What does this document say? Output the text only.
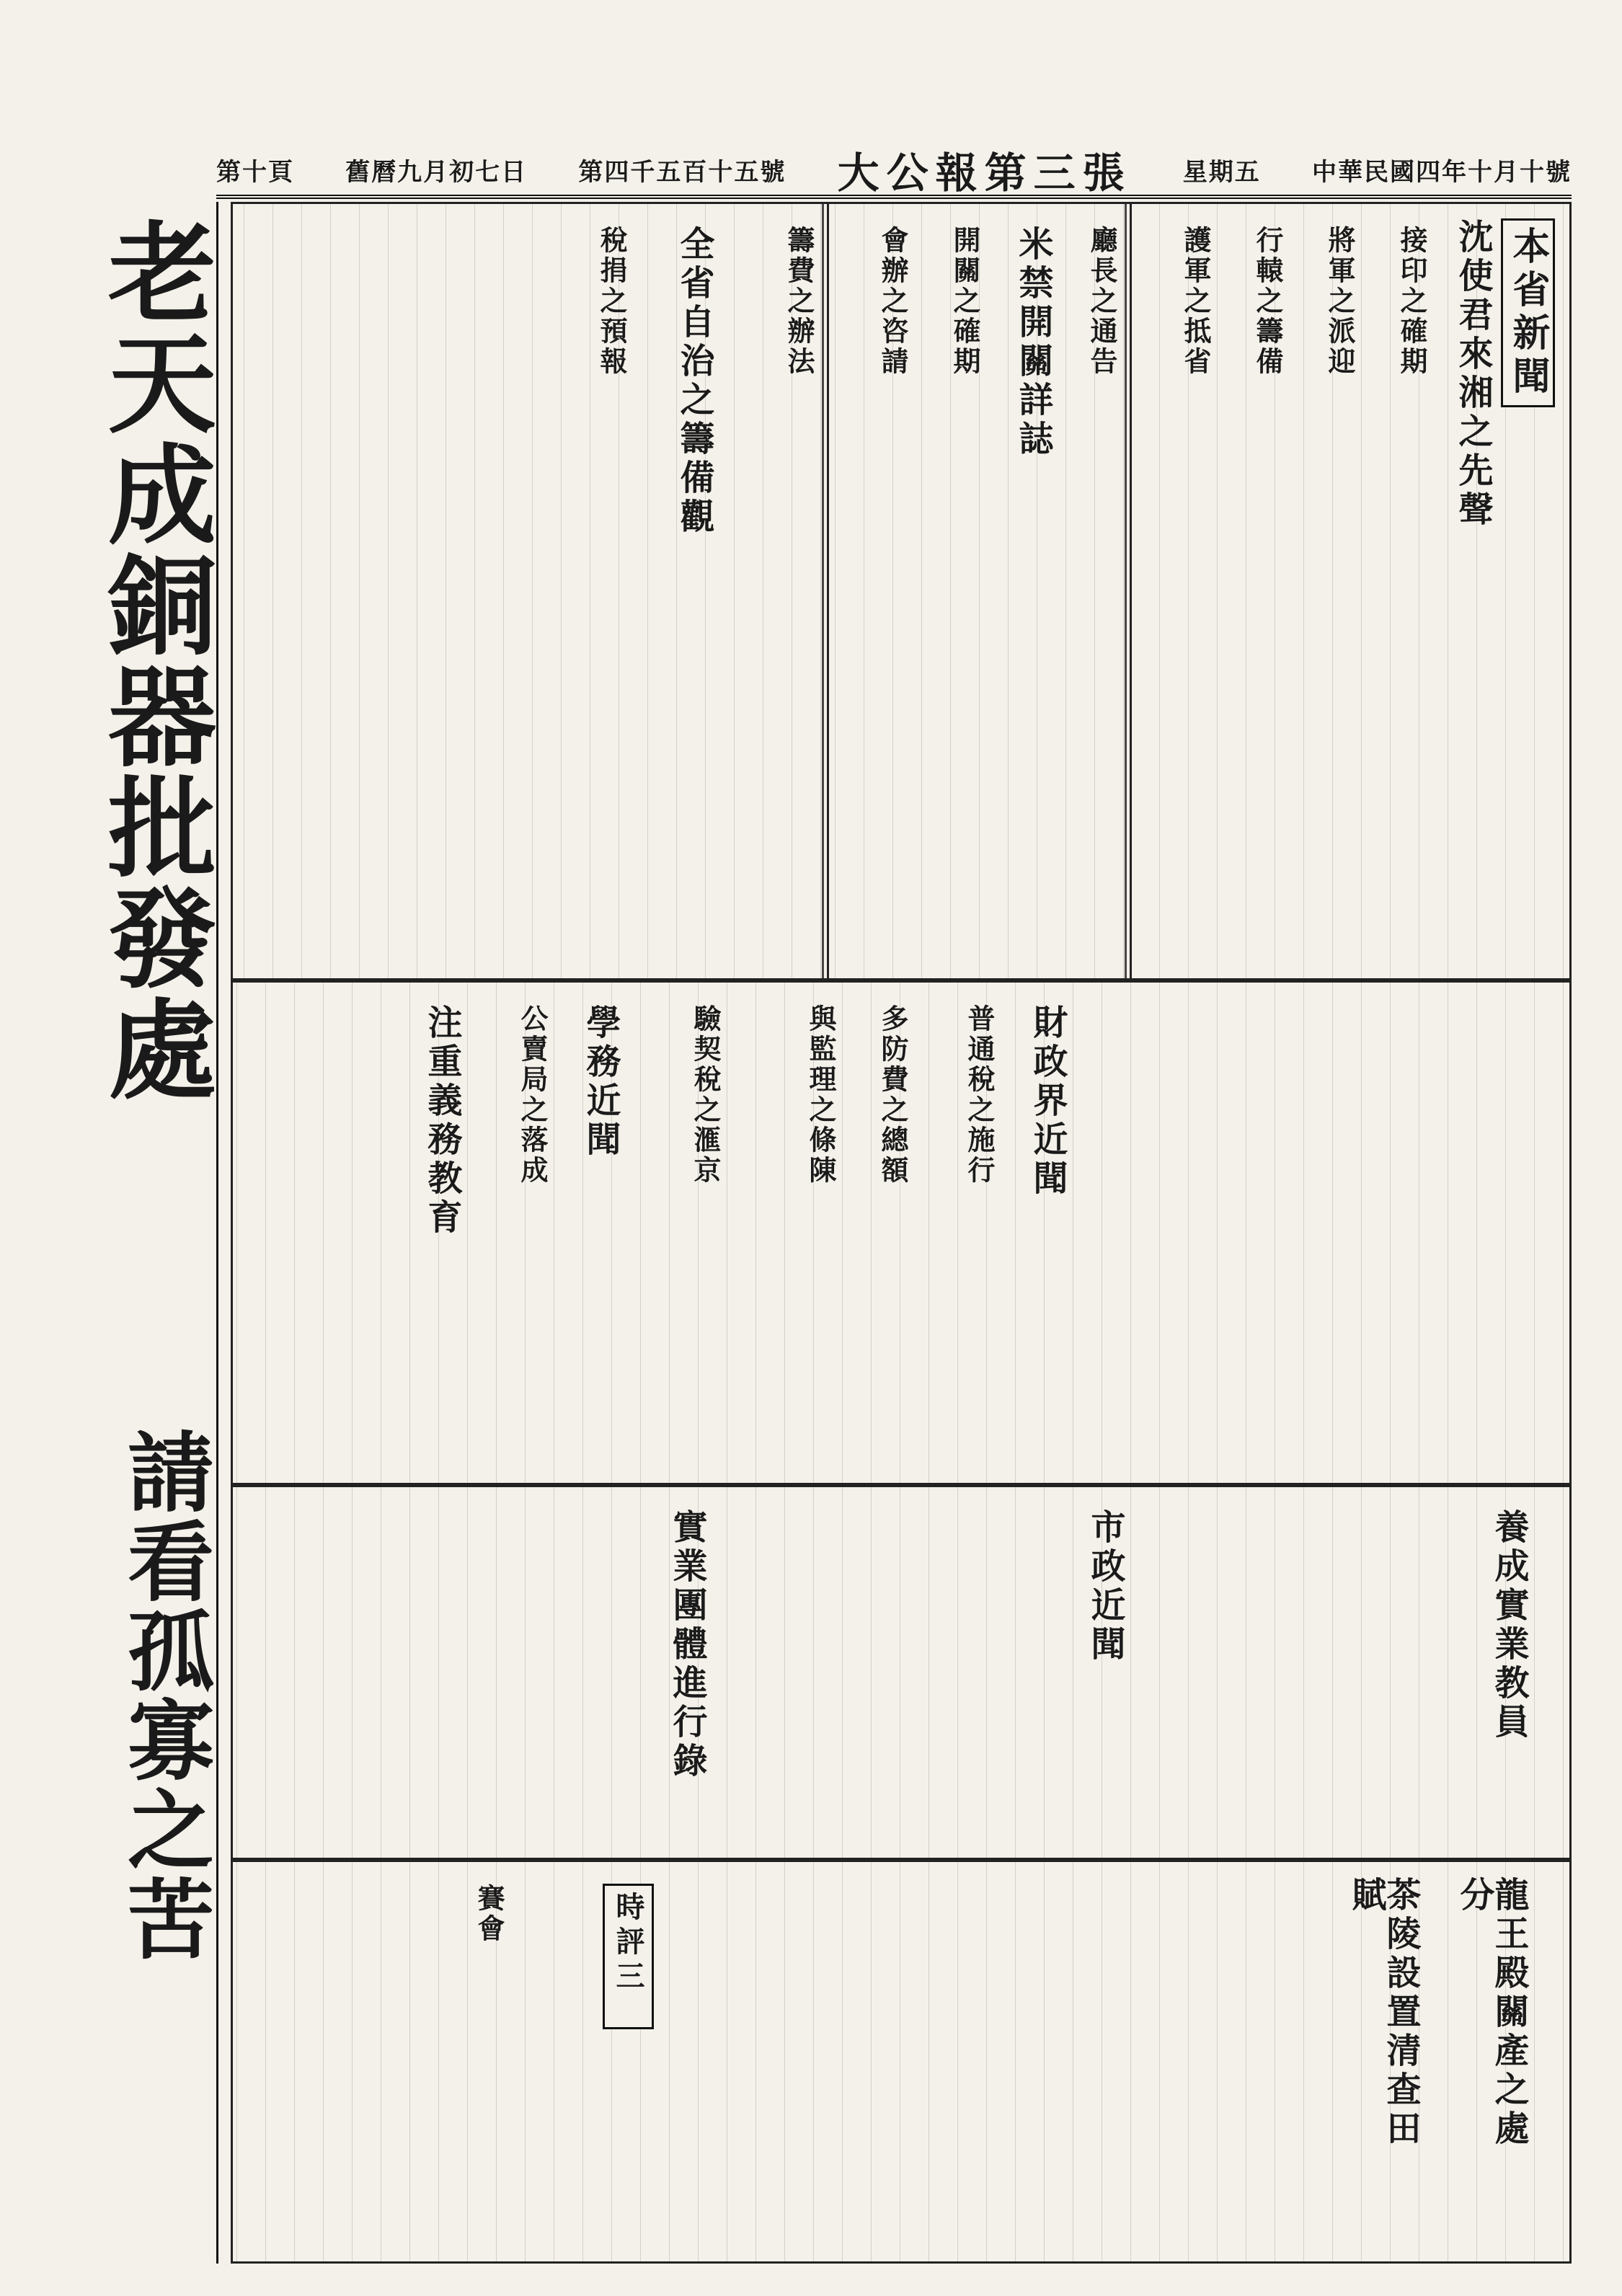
第十頁 舊曆九月初七日 第四千五百十五號 大公報第三張 星期五 中華民國四年十月十號
老天成銅器批發處
請看孤寡之苦
本省新聞
沈使君來湘之先聲
接印之確期
將軍之派迎
行轅之籌備
護軍之抵省
廳長之通告
米禁開關詳誌
開關之確期
會辦之咨請
籌費之辦法
全省自治之籌備觀
稅捐之預報
財政界近聞
普通稅之施行
多防費之總額
與監理之條陳
驗契稅之滙京
學務近聞
公賣局之落成
注重義務教育
養成實業教員
市政近聞
實業團體進行錄
龍王殿關產之處分
茶陵設置清查田賦
時評三
賽會
